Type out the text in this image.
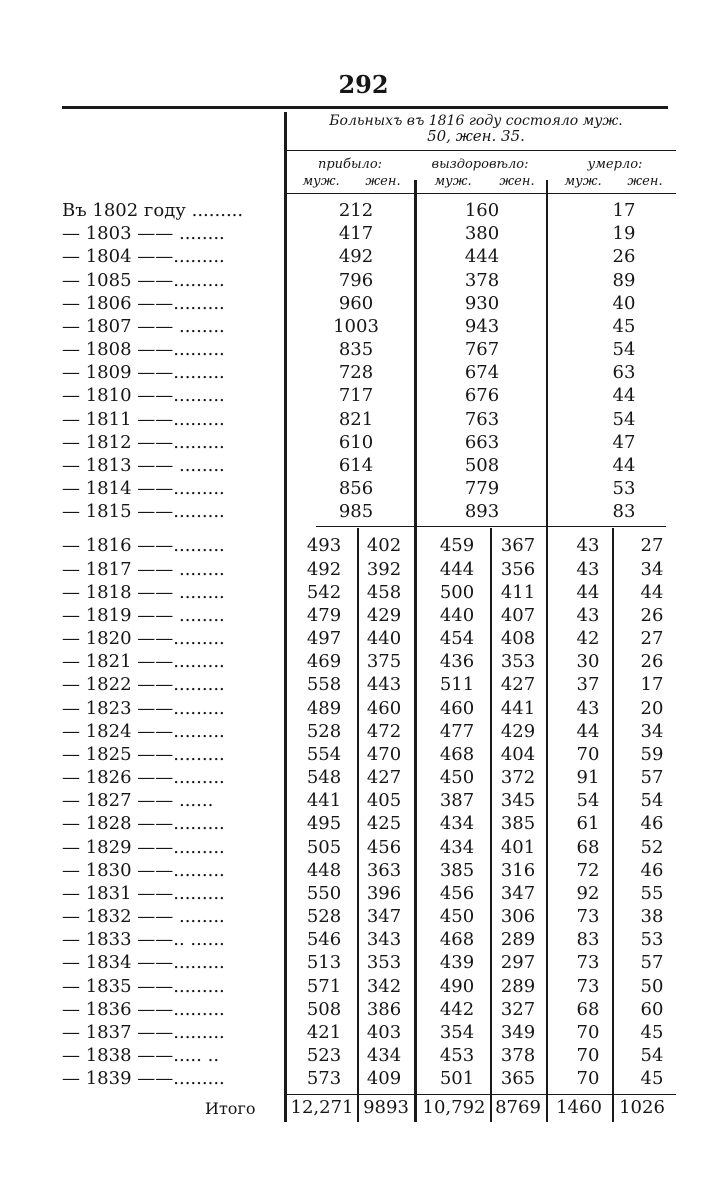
292
Больныхъ въ 1816 году состояло муж.
50, жен. 35.
прибыло:	выздоровѣло:	умерло:
муж.	жен.	муж.	жен.	муж.	жен.
Въ 1802 году .........	212	160	17
— 1803 —— ........	417	380	19
— 1804 ——.........	492	444	26
— 1085 ——.........	796	378	89
— 1806 ——.........	960	930	40
— 1807 —— ........	1003	943	45
— 1808 ——.........	835	767	54
— 1809 ——.........	728	674	63
— 1810 ——.........	717	676	44
— 1811 ——.........	821	763	54
— 1812 ——.........	610	663	47
— 1813 —— ........	614	508	44
— 1814 ——.........	856	779	53
— 1815 ——.........	985	893	83
— 1816 ——.........	493	402	459	367	43	27
— 1817 —— ........	492	392	444	356	43	34
— 1818 —— ........	542	458	500	411	44	44
— 1819 —— ........	479	429	440	407	43	26
— 1820 ——.........	497	440	454	408	42	27
— 1821 ——.........	469	375	436	353	30	26
— 1822 ——.........	558	443	511	427	37	17
— 1823 ——.........	489	460	460	441	43	20
— 1824 ——.........	528	472	477	429	44	34
— 1825 ——.........	554	470	468	404	70	59
— 1826 ——.........	548	427	450	372	91	57
— 1827 —— ......	441	405	387	345	54	54
— 1828 ——.........	495	425	434	385	61	46
— 1829 ——.........	505	456	434	401	68	52
— 1830 ——.........	448	363	385	316	72	46
— 1831 ——.........	550	396	456	347	92	55
— 1832 —— ........	528	347	450	306	73	38
— 1833 ——.. ......	546	343	468	289	83	53
— 1834 ——.........	513	353	439	297	73	57
— 1835 ——.........	571	342	490	289	73	50
— 1836 ——.........	508	386	442	327	68	60
— 1837 ——.........	421	403	354	349	70	45
— 1838 ——..... ..	523	434	453	378	70	54
— 1839 ——.........	573	409	501	365	70	45
Итого 12,271 9893 10,792 8769 1460 1026
